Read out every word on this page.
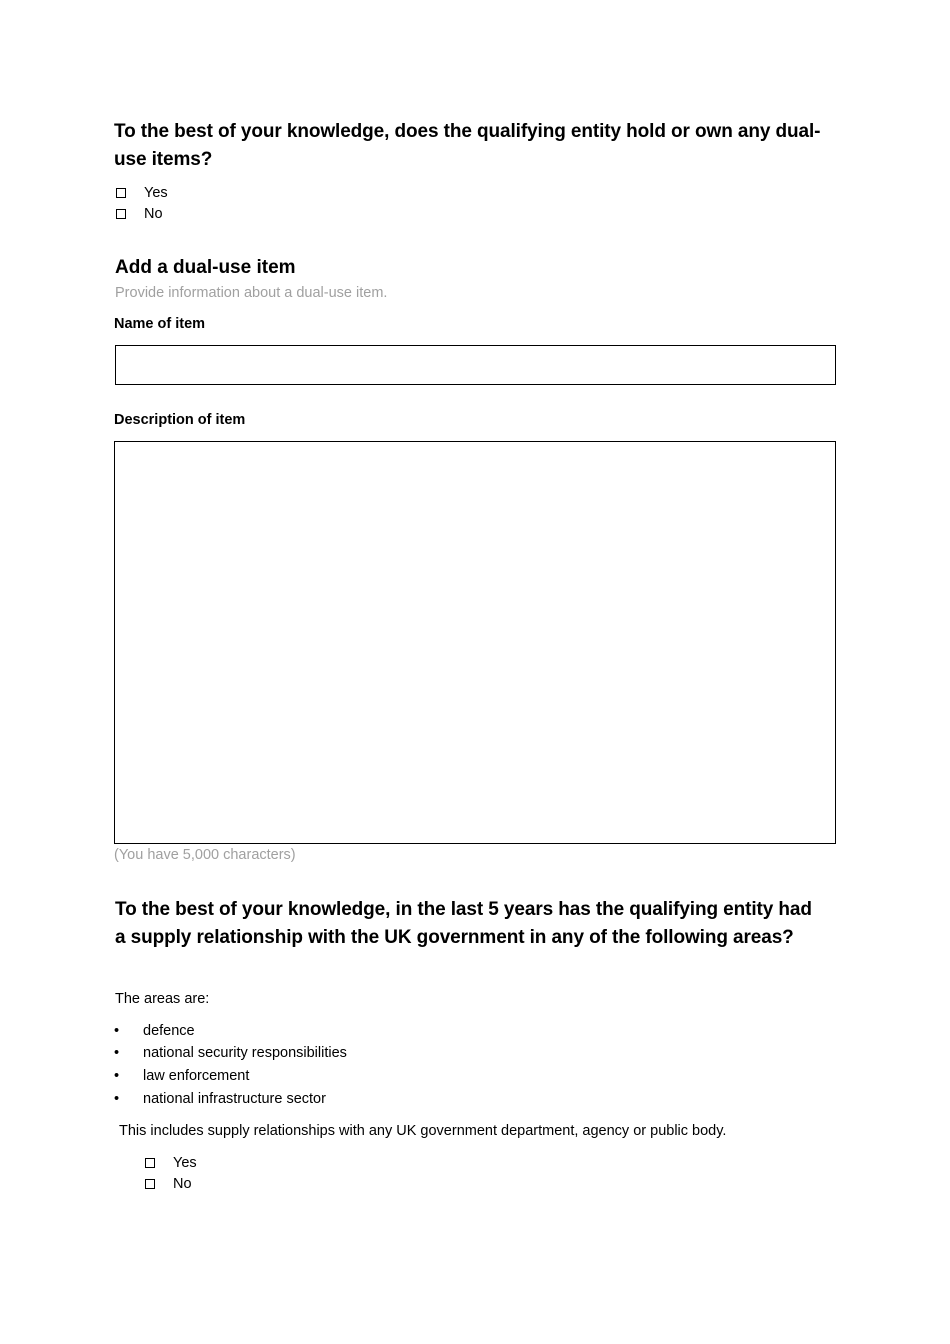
To the best of your knowledge, does the qualifying entity hold or own any dual-use items?
Yes
No
Add a dual-use item
Provide information about a dual-use item.
Name of item
Description of item
(You have 5,000 characters)
To the best of your knowledge, in the last 5 years has the qualifying entity had a supply relationship with the UK government in any of the following areas?
The areas are:
•	defence
•	national security responsibilities
•	law enforcement
•	national infrastructure sector
This includes supply relationships with any UK government department, agency or public body.
Yes
No
